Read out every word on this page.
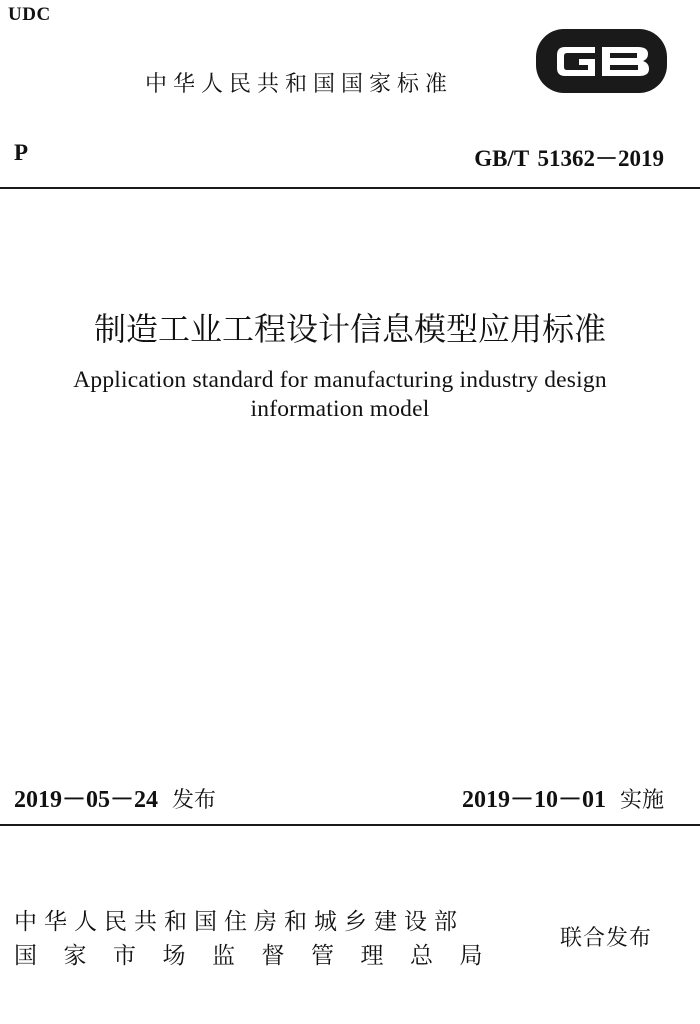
UDC
中华人民共和国国家标准
P	GB/T 51362－2019
制造工业工程设计信息模型应用标准
Application standard for manufacturing industry design
information model
2019－05－24 发布	2019－10－01 实施
中华人民共和国住房和城乡建设部
国家市场监督管理总局
联合发布
